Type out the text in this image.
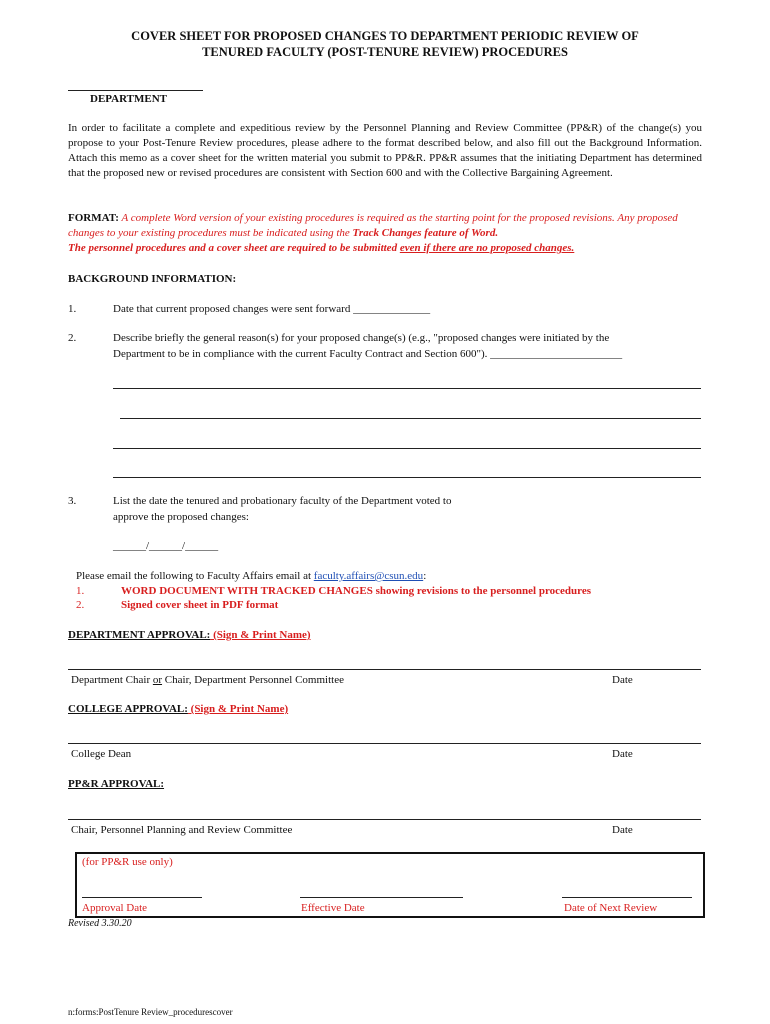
COVER SHEET FOR PROPOSED CHANGES TO DEPARTMENT PERIODIC REVIEW OF
TENURED FACULTY (POST-TENURE REVIEW) PROCEDURES
DEPARTMENT
In order to facilitate a complete and expeditious review by the Personnel Planning and Review Committee (PP&R) of the change(s) you propose to your Post-Tenure Review procedures, please adhere to the format described below, and also fill out the Background Information. Attach this memo as a cover sheet for the written material you submit to PP&R. PP&R assumes that the initiating Department has determined that the proposed new or revised procedures are consistent with Section 600 and with the Collective Bargaining Agreement.
FORMAT: A complete Word version of your existing procedures is required as the starting point for the proposed revisions. Any proposed changes to your existing procedures must be indicated using the Track Changes feature of Word.
The personnel procedures and a cover sheet are required to be submitted even if there are no proposed changes.
BACKGROUND INFORMATION:
1.	Date that current proposed changes were sent forward ______________
2.	Describe briefly the general reason(s) for your proposed change(s) (e.g., "proposed changes were initiated by the
Department to be in compliance with the current Faculty Contract and Section 600"). ________________________
3.	List the date the tenured and probationary faculty of the Department voted to
approve the proposed changes:
______/______/______
Please email the following to Faculty Affairs email at faculty.affairs@csun.edu:
1.	WORD DOCUMENT WITH TRACKED CHANGES showing revisions to the personnel procedures
2.	Signed cover sheet in PDF format
DEPARTMENT APPROVAL: (Sign & Print Name)
Department Chair or Chair, Department Personnel Committee	Date
COLLEGE APPROVAL: (Sign & Print Name)
College Dean	Date
PP&R APPROVAL:
Chair, Personnel Planning and Review Committee	Date
(for PP&R use only)
Approval Date	Effective Date	Date of Next Review
Revised 3.30.20
n:forms:PostTenure Review_procedurescover
